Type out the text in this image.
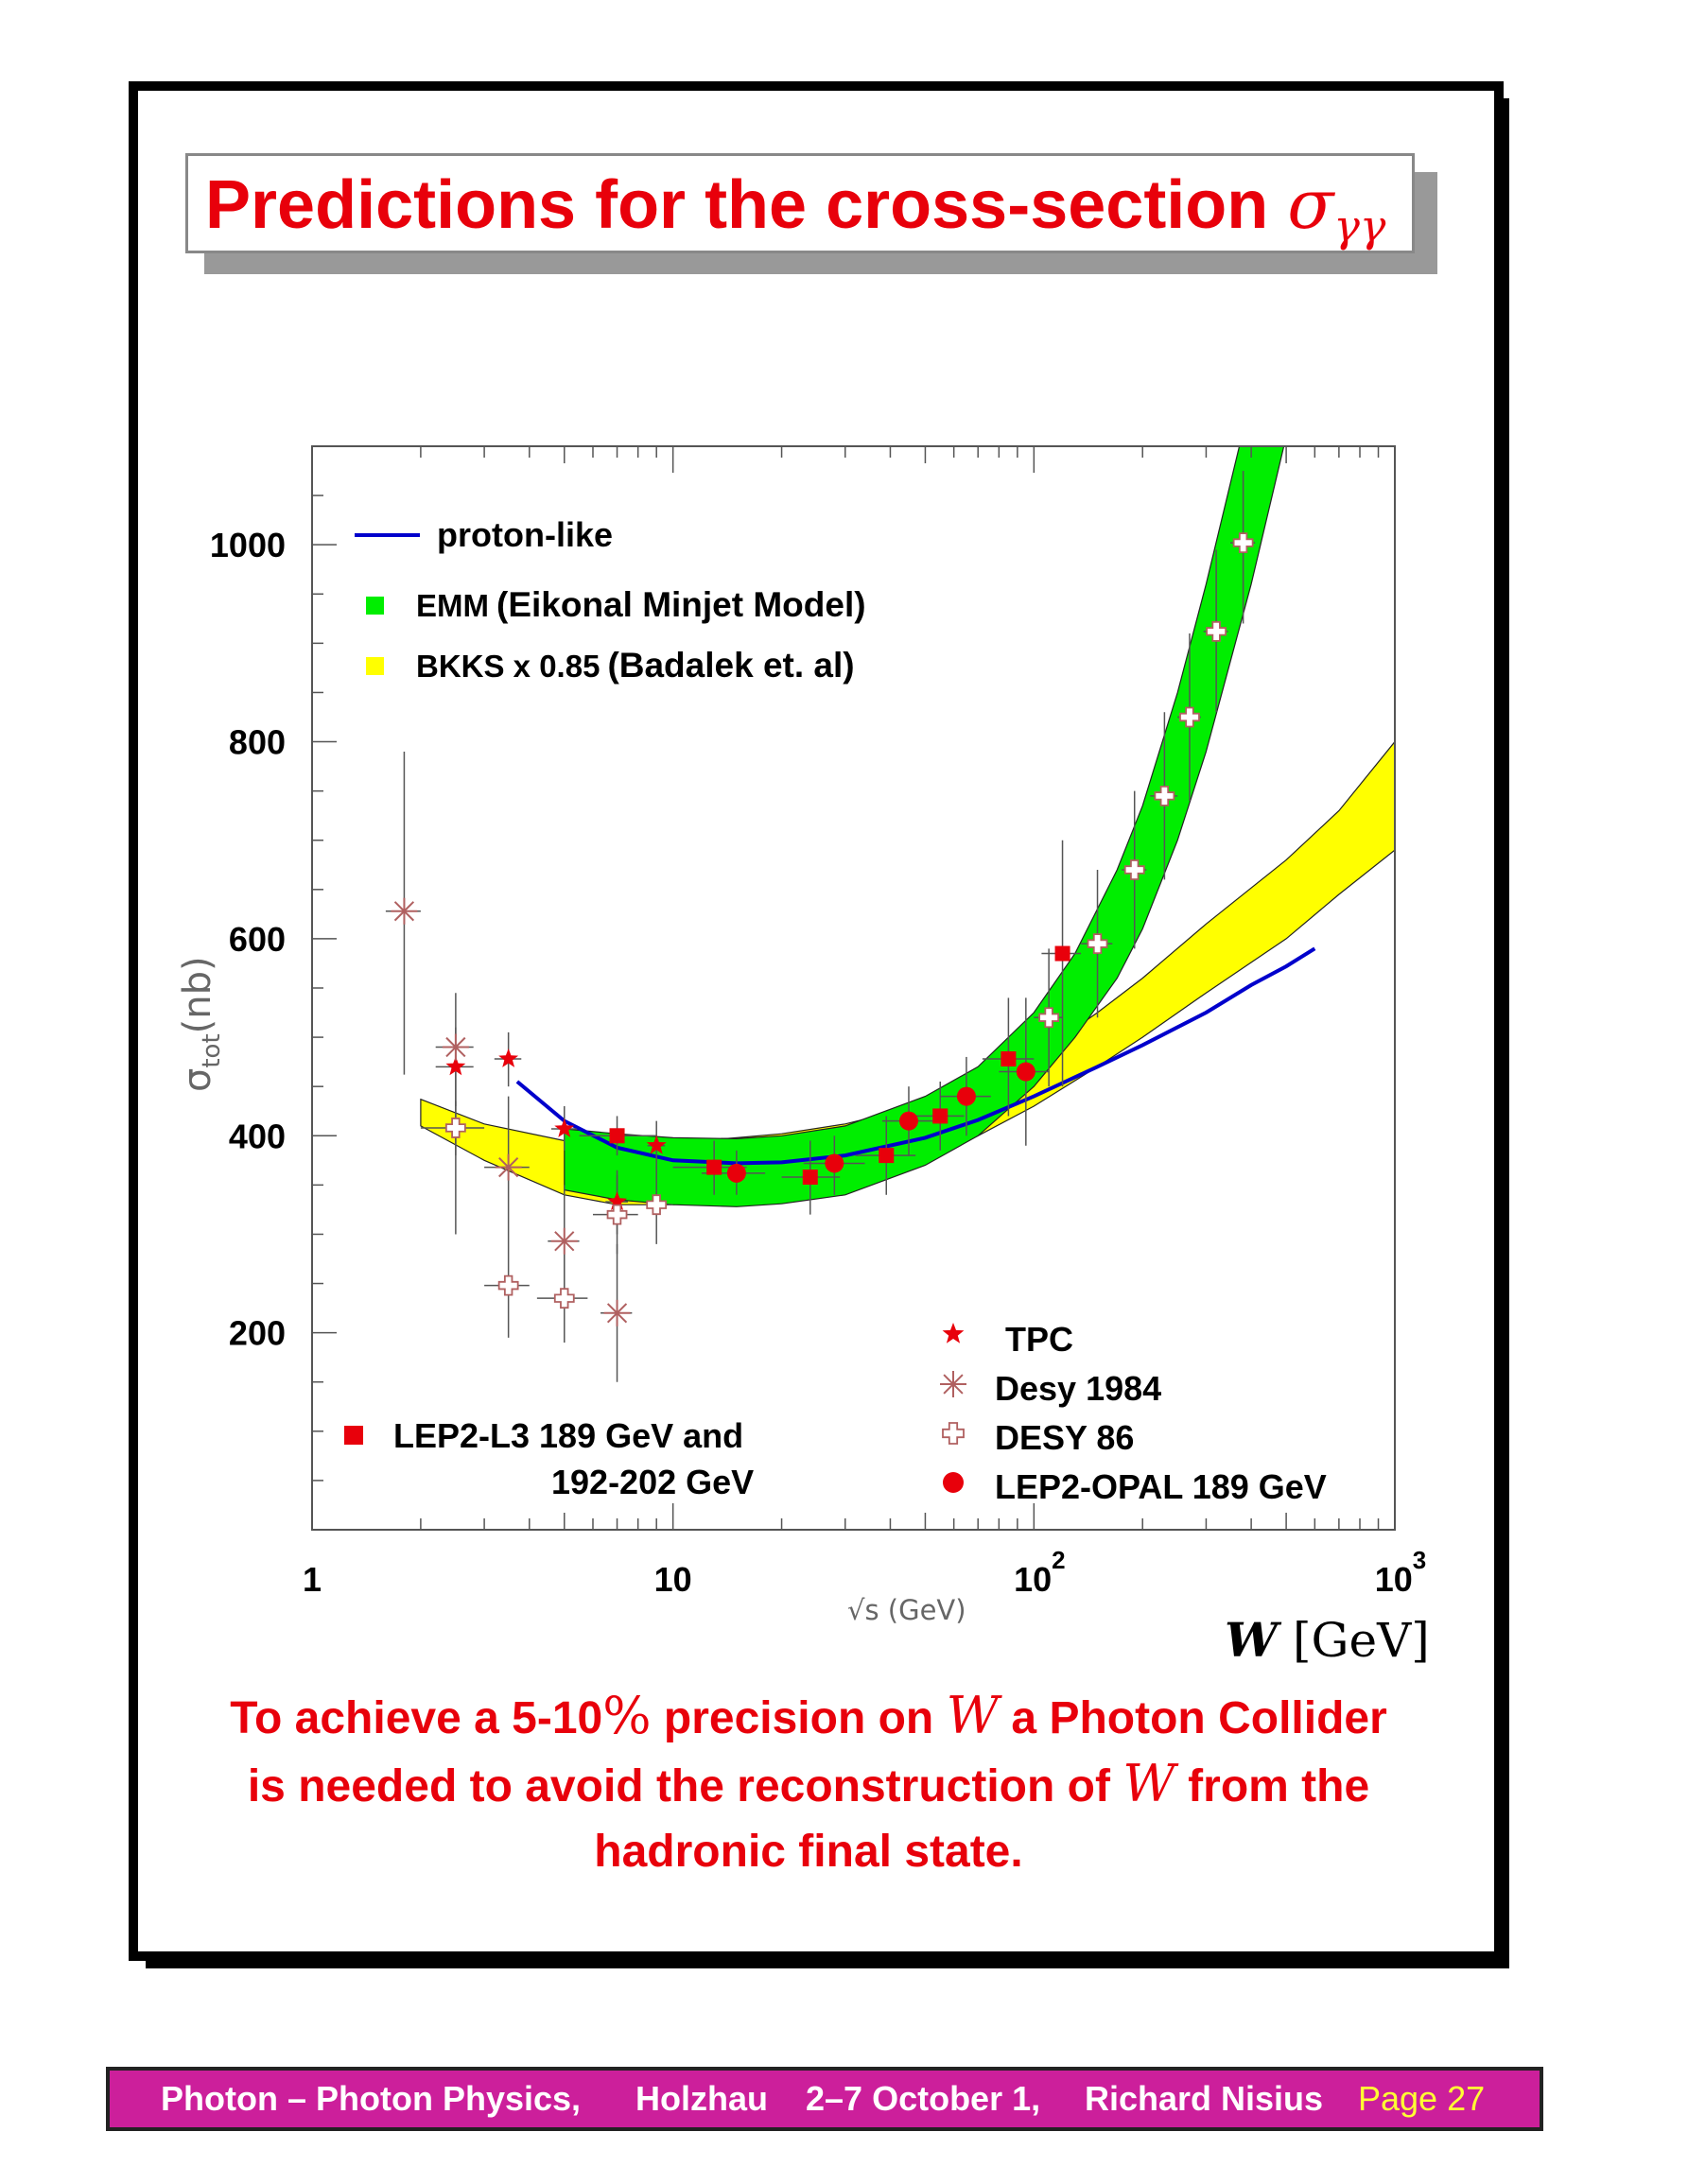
Predictions for the cross-section $\sigma_{\gamma\gamma}$
200
400
600
800
1000
1	10	$10^2$	$10^3$
$\sigma_{tot}(nb)$
√s (GeV)
W [GeV]
proton-like
EMM (Eikonal Minjet Model)
BKKS x 0.85 (Badalek et. al)
TPC
Desy 1984
DESY 86
LEP2-OPAL 189 GeV
LEP2-L3 189 GeV and
192-202 GeV
To achieve a 5-10% precision on W a Photon Collider
is needed to avoid the reconstruction of W from the
hadronic final state.
Photon – Photon Physics, Holzhau 2–7 October 1, Richard Nisius Page 27
